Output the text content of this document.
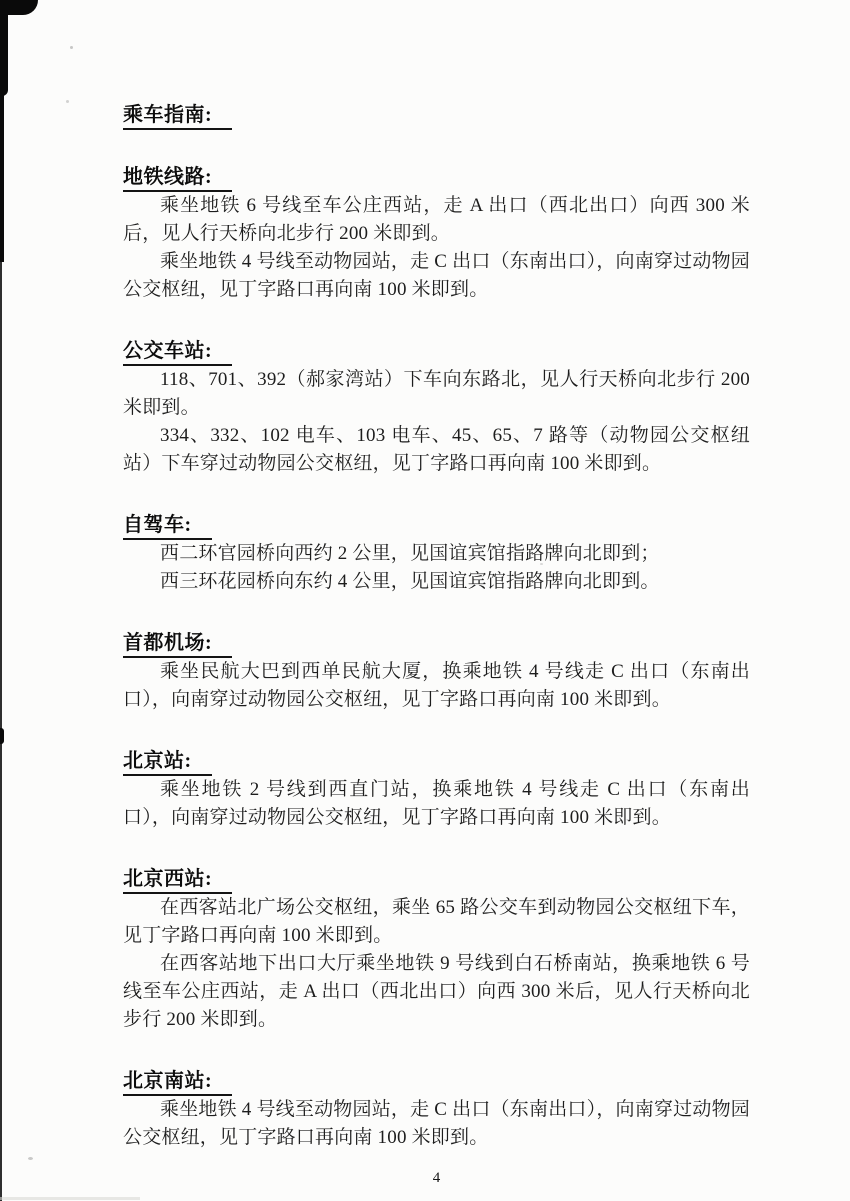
乘车指南:
地铁线路:

乘坐地铁 6 号线至车公庄西站，走 A 出口（西北出口）向西 300 米后，见人行天桥向北步行 200 米即到。

乘坐地铁 4 号线至动物园站，走 C 出口（东南出口），向南穿过动物园公交枢纽，见丁字路口再向南 100 米即到。

公交车站:

118、701、392（郝家湾站）下车向东路北，见人行天桥向北步行 200 米即到。

334、332、102 电车、103 电车、45、65、7 路等（动物园公交枢纽站）下车穿过动物园公交枢纽，见丁字路口再向南 100 米即到。

自驾车:

西二环官园桥向西约 2 公里，见国谊宾馆指路牌向北即到；

西三环花园桥向东约 4 公里，见国谊宾馆指路牌向北即到。

首都机场:

乘坐民航大巴到西单民航大厦，换乘地铁 4 号线走 C 出口（东南出口），向南穿过动物园公交枢纽，见丁字路口再向南 100 米即到。

北京站:

乘坐地铁 2 号线到西直门站，换乘地铁 4 号线走 C 出口（东南出口），向南穿过动物园公交枢纽，见丁字路口再向南 100 米即到。

北京西站:

在西客站北广场公交枢纽，乘坐 65 路公交车到动物园公交枢纽下车，见丁字路口再向南 100 米即到。

在西客站地下出口大厅乘坐地铁 9 号线到白石桥南站，换乘地铁 6 号线至车公庄西站，走 A 出口（西北出口）向西 300 米后，见人行天桥向北步行 200 米即到。

北京南站:

乘坐地铁 4 号线至动物园站，走 C 出口（东南出口），向南穿过动物园公交枢纽，见丁字路口再向南 100 米即到。

4
